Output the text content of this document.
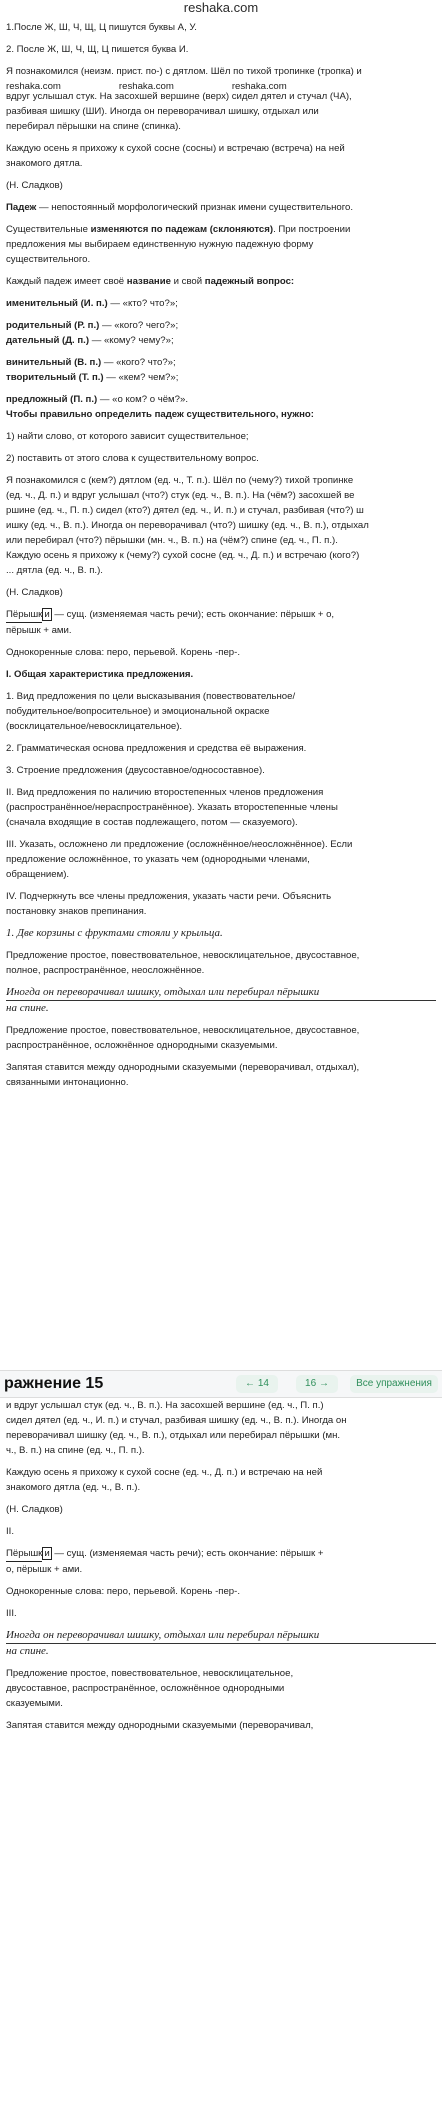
reshaka.com

1.После Ж, Ш, Ч, Щ, Ц пишутся буквы А, У.

2. После Ж, Ш, Ч, Щ, Ц пишется буква И.

Я познакомился (неизм. прист. по-) с дятлом. Шёл по тихой тропинке (тропка) и
reshaka.com	reshaka.com	reshaka.com
вдруг услышал стук. На засохшей вершине (верх) сидел дятел и стучал (ЧА),
разбивая шишку (ШИ). Иногда он переворачивал шишку, отдыхал или
перебирал пёрышки на спине (спинка).

Каждую осень я прихожу к сухой сосне (сосны) и встречаю (встреча) на ней
знакомого дятла.

(Н. Сладков)

Падеж — непостоянный морфологический признак имени существительного.

Существительные изменяются по падежам (склоняются). При построении
предложения мы выбираем единственную нужную падежную форму
существительного.

Каждый падеж имеет своё название и свой падежный вопрос:

именительный (И. п.) — «кто? что?»;

родительный (Р. п.) — «кого? чего?»;
дательный (Д. п.) — «кому? чему?»;

винительный (В. п.) — «кого? что?»;
творительный (Т. п.) — «кем? чем?»;

предложный (П. п.) — «о ком? о чём?».
Чтобы правильно определить падеж существительного, нужно:

1) найти слово, от которого зависит существительное;

2) поставить от этого слова к существительному вопрос.

Я познакомился с (кем?) дятлом (ед. ч., Т. п.). Шёл по (чему?) тихой тропинке
(ед. ч., Д. п.) и вдруг услышал (что?) стук (ед. ч., В. п.). На (чём?) засохшей ве
ршине (ед. ч., П. п.) сидел (кто?) дятел (ед. ч., И. п.) и стучал, разбивая (что?) ш
ишку (ед. ч., В. п.). Иногда он переворачивал (что?) шишку (ед. ч., В. п.), отдыхал
или перебирал (что?) пёрышки (мн. ч., В. п.) на (чём?) спине (ед. ч., П. п.).
Каждую осень я прихожу к (чему?) сухой сосне (ед. ч., Д. п.) и встречаю (кого?)
... дятла (ед. ч., В. п.).

(Н. Сладков)

Пёрышк и — сущ. (изменяемая часть речи); есть окончание: пёрышк + о,
пёрышк + ами.

Однокоренные слова: перо, перьевой. Корень -пер-.

I. Общая характеристика предложения.

1. Вид предложения по цели высказывания (повествовательное/
побудительное/вопросительное) и эмоциональной окраске
(восклицательное/невосклицательное).

2. Грамматическая основа предложения и средства её выражения.

3. Строение предложения (двусоставное/односоставное).

II. Вид предложения по наличию второстепенных членов предложения
(распространённое/нераспространённое). Указать второстепенные члены
(сначала входящие в состав подлежащего, потом — сказуемого).

III. Указать, осложнено ли предложение (осложнённое/неосложнённое). Если
предложение осложнённое, то указать чем (однородными членами,
обращением).

IV. Подчеркнуть все члены предложения, указать части речи. Объяснить
постановку знаков препинания.

1. Две корзины с фруктами стояли у крыльца.

Предложение простое, повествовательное, невосклицательное, двусоставное,
полное, распространённое, неосложнённое.

Иногда он переворачивал шишку, отдыхал или перебирал пёрышки
на спине.

Предложение простое, повествовательное, невосклицательное, двусоставное,
распространённое, осложнённое однородными сказуемыми.

Запятая ставится между однородными сказуемыми (переворачивал, отдыхал),
связанными интонационно.

ражнение 15	← 14	16 →	Все упражнения

и вдруг услышал стук (ед. ч., В. п.). На засохшей вершине (ед. ч., П. п.)
сидел дятел (ед. ч., И. п.) и стучал, разбивая шишку (ед. ч., В. п.). Иногда он
переворачивал шишку (ед. ч., В. п.), отдыхал или перебирал пёрышки (мн.
ч., В. п.) на спине (ед. ч., П. п.).

Каждую осень я прихожу к сухой сосне (ед. ч., Д. п.) и встречаю на ней
знакомого дятла (ед. ч., В. п.).

(Н. Сладков)

II.

Пёрышк и — сущ. (изменяемая часть речи); есть окончание: пёрышк +
о, пёрышк + ами.

Однокоренные слова: перо, перьевой. Корень -пер-.

III.

Иногда он переворачивал шишку, отдыхал или перебирал пёрышки
на спине.

Предложение простое, повествовательное, невосклицательное,
двусоставное, распространённое, осложнённое однородными
сказуемыми.

Запятая ставится между однородными сказуемыми (переворачивал,
